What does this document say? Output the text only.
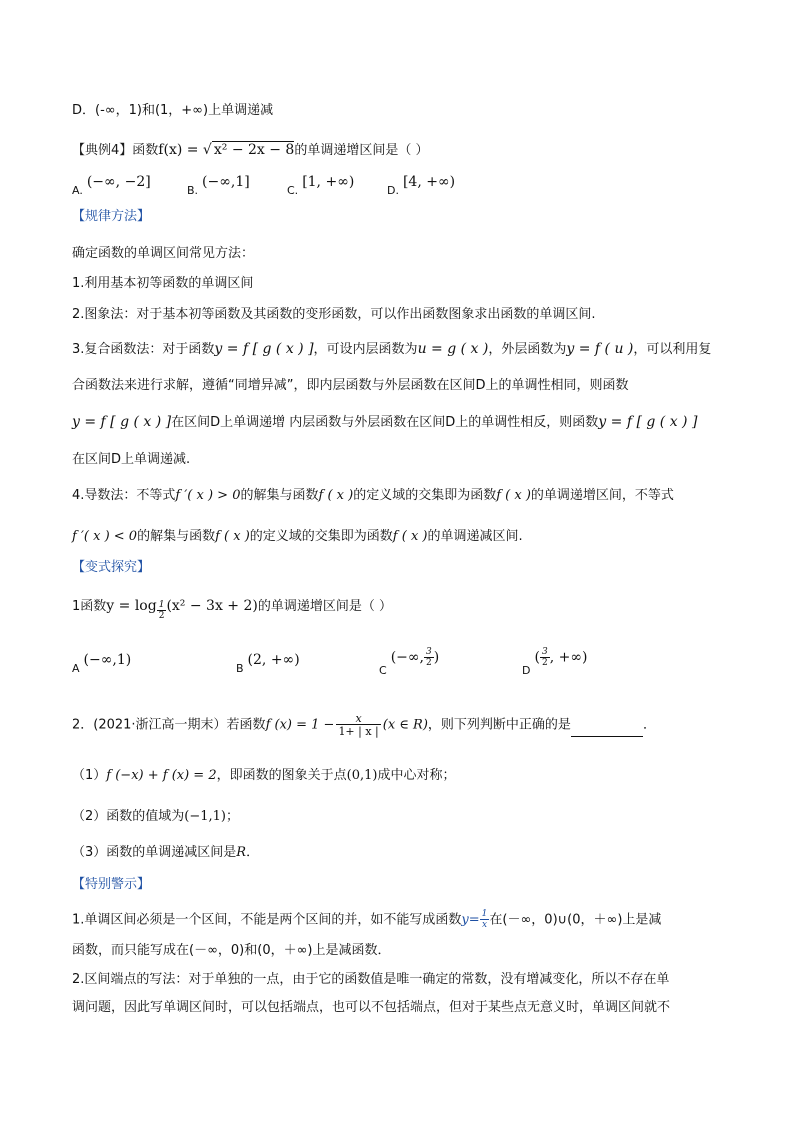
D．(-∞，1)和(1，+∞)上单调递减
【典例4】函数f(x) = √ x² − 2x − 8的单调递增区间是（ ）
A.(−∞, −2]
B.(−∞,1]
C.[1, +∞)
D.[4, +∞)
【规律方法】
确定函数的单调区间常见方法：
1.利用基本初等函数的单调区间
2.图象法：对于基本初等函数及其函数的变形函数，可以作出函数图象求出函数的单调区间.
3.复合函数法：对于函数y = f [ g ( x ) ]，可设内层函数为u = g ( x )，外层函数为y = f ( u )，可以利用复
合函数法来进行求解，遵循“同增异减”，即内层函数与外层函数在区间D上的单调性相同，则函数
y = f [ g ( x ) ]在区间D上单调递增 内层函数与外层函数在区间D上的单调性相反，则函数y = f [ g ( x ) ]
在区间D上单调递减.
4.导数法：不等式f ′( x ) > 0的解集与函数f ( x )的定义域的交集即为函数f ( x )的单调递增区间，不等式
f ′( x ) < 0的解集与函数f ( x )的定义域的交集即为函数f ( x )的单调递减区间.
【变式探究】
1函数$y = \log \frac{1}{2} (x^2 - 3x + 2)$的单调递增区间是（ ）
A(−∞,1)
B(2, +∞)
C(−∞, $\frac{3}{2}$ )
$D( \frac{3}{2}$ , +∞)
2．(2021·浙江高一期末）若函数f $(x) = 1 - \frac{x}{1+ | x |} (x$ ∈ R)，则下列判断中正确的是	．
（1）f (−x) + f (x) = 2，即函数的图象关于点(0,1)成中心对称；
（2）函数的值域为(−1,1)；
（3）函数的单调递减区间是R．
【特别警示】
1.单调区间必须是一个区间，不能是两个区间的并，如不能写成函数$y= \frac{1}{x}$ 在(－∞，0)∪(0，＋∞)上是减
函数，而只能写成在(－∞，0)和(0，＋∞)上是减函数．
2.区间端点的写法：对于单独的一点，由于它的函数值是唯一确定的常数，没有增减变化，所以不存在单
调问题，因此写单调区间时，可以包括端点，也可以不包括端点，但对于某些点无意义时，单调区间就不
